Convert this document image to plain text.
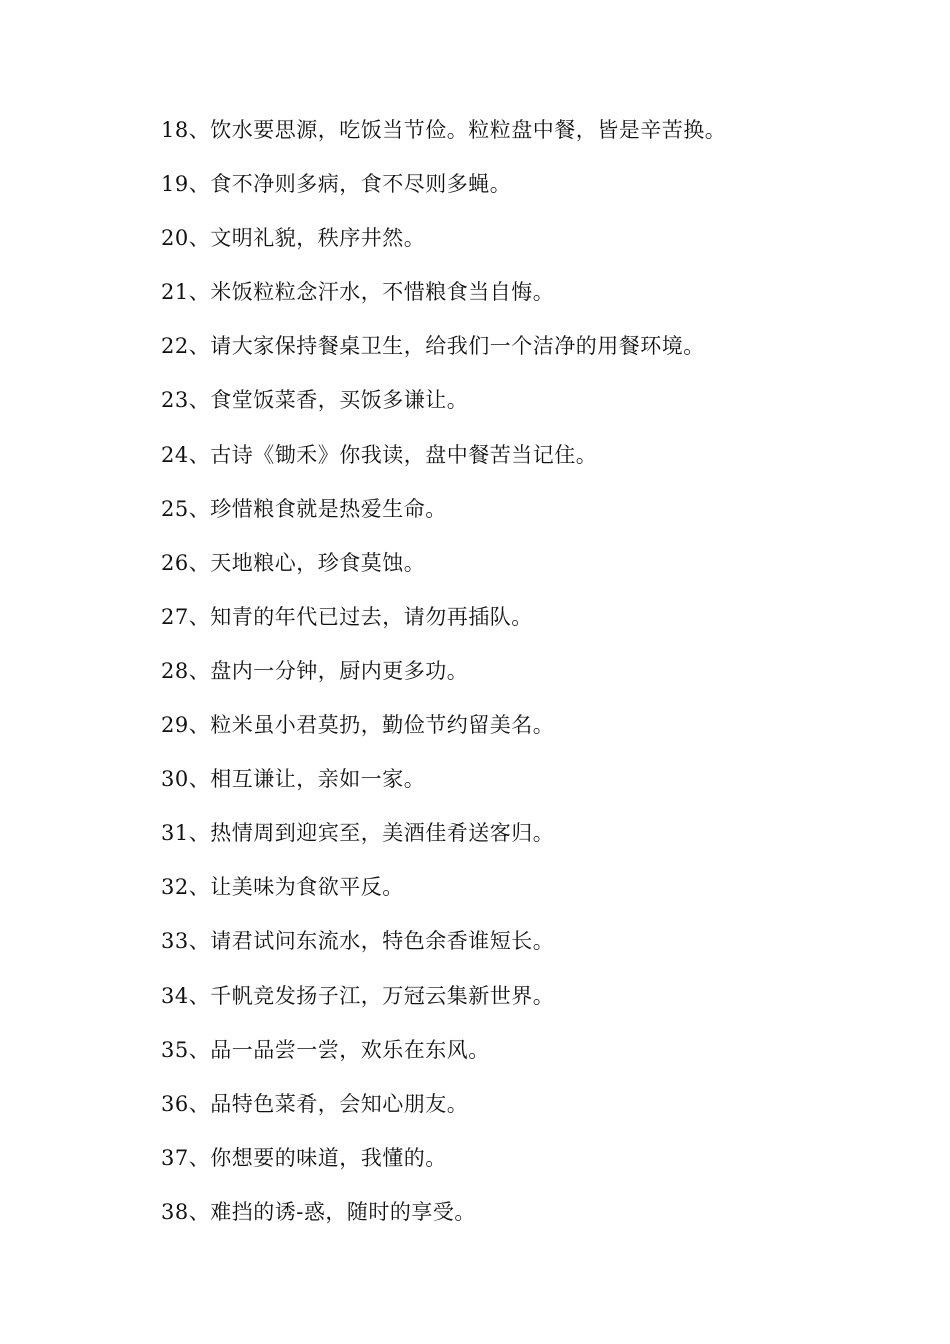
18、饮水要思源，吃饭当节俭。粒粒盘中餐，皆是辛苦换。
19、食不净则多病，食不尽则多蝇。
20、文明礼貌，秩序井然。
21、米饭粒粒念汗水，不惜粮食当自悔。
22、请大家保持餐桌卫生，给我们一个洁净的用餐环境。
23、食堂饭菜香，买饭多谦让。
24、古诗《锄禾》你我读，盘中餐苦当记住。
25、珍惜粮食就是热爱生命。
26、天地粮心，珍食莫蚀。
27、知青的年代已过去，请勿再插队。
28、盘内一分钟，厨内更多功。
29、粒米虽小君莫扔，勤俭节约留美名。
30、相互谦让，亲如一家。
31、热情周到迎宾至，美酒佳肴送客归。
32、让美味为食欲平反。
33、请君试问东流水，特色余香谁短长。
34、千帆竞发扬子江，万冠云集新世界。
35、品一品尝一尝，欢乐在东风。
36、品特色菜肴，会知心朋友。
37、你想要的味道，我懂的。
38、难挡的诱-惑，随时的享受。
